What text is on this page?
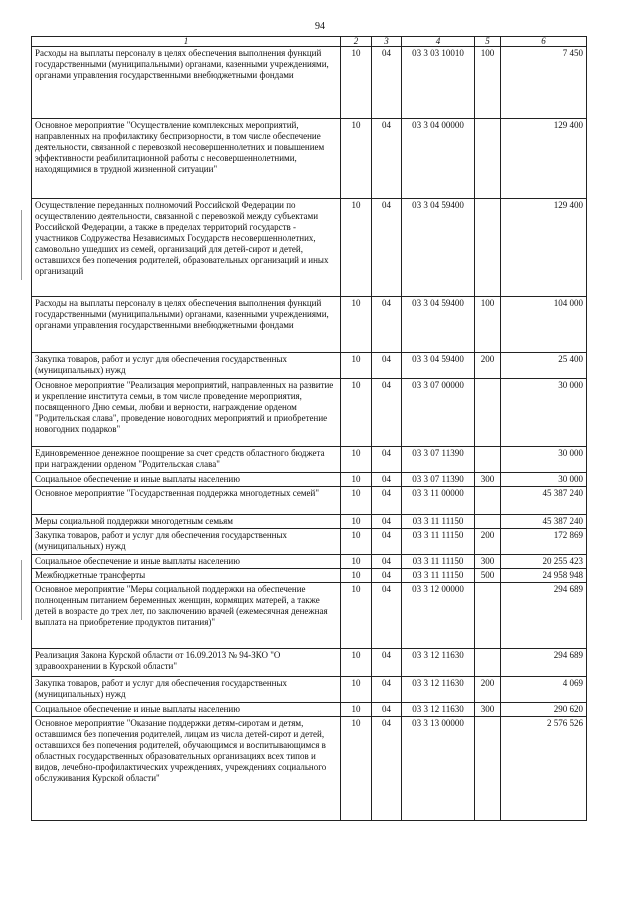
94
1	2	3	4	5	6
Расходы на выплаты персоналу в целях обеспечения выполнения функций государственными (муниципальными) органами, казенными учреждениями, органами управления государственными внебюджетными фондами	10	04	03 3 03 10010	100	7 450
Основное мероприятие "Осуществление комплексных мероприятий, направленных на профилактику беспризорности, в том числе обеспечение деятельности, связанной с перевозкой несовершеннолетних и повышением эффективности реабилитационной работы с несовершеннолетними, находящимися в трудной жизненной ситуации"	10	04	03 3 04 00000		129 400
Осуществление переданных полномочий Российской Федерации по осуществлению деятельности, связанной с перевозкой между субъектами Российской Федерации, а также в пределах территорий государств - участников Содружества Независимых Государств несовершеннолетних, самовольно ушедших из семей, организаций для детей-сирот и детей, оставшихся без попечения родителей, образовательных организаций и иных организаций	10	04	03 3 04 59400		129 400
Расходы на выплаты персоналу в целях обеспечения выполнения функций государственными (муниципальными) органами, казенными учреждениями, органами управления государственными внебюджетными фондами	10	04	03 3 04 59400	100	104 000
Закупка товаров, работ и услуг для обеспечения государственных (муниципальных) нужд	10	04	03 3 04 59400	200	25 400
Основное мероприятие "Реализация мероприятий, направленных на развитие и укрепление института семьи, в том числе проведение мероприятия, посвященного Дню семьи, любви и верности, награждение орденом "Родительская слава", проведение новогодних мероприятий и приобретение новогодних подарков"	10	04	03 3 07 00000		30 000
Единовременное денежное поощрение за счет средств областного бюджета при награждении орденом "Родительская слава"	10	04	03 3 07 11390		30 000
Социальное обеспечение и иные выплаты населению	10	04	03 3 07 11390	300	30 000
Основное мероприятие "Государственная поддержка многодетных семей"	10	04	03 3 11 00000		45 387 240
Меры социальной поддержки многодетным семьям	10	04	03 3 11 11150		45 387 240
Закупка товаров, работ и услуг для обеспечения государственных (муниципальных) нужд	10	04	03 3 11 11150	200	172 869
Социальное обеспечение и иные выплаты населению	10	04	03 3 11 11150	300	20 255 423
Межбюджетные трансферты	10	04	03 3 11 11150	500	24 958 948
Основное мероприятие "Меры социальной поддержки на обеспечение полноценным питанием беременных женщин, кормящих матерей, а также детей в возрасте до трех лет, по заключению врачей (ежемесячная денежная выплата на приобретение продуктов питания)"	10	04	03 3 12 00000		294 689
Реализация Закона Курской области от 16.09.2013 № 94-ЗКО "О здравоохранении в Курской области"	10	04	03 3 12 11630		294 689
Закупка товаров, работ и услуг для обеспечения государственных (муниципальных) нужд	10	04	03 3 12 11630	200	4 069
Социальное обеспечение и иные выплаты населению	10	04	03 3 12 11630	300	290 620
Основное мероприятие "Оказание поддержки детям-сиротам и детям, оставшимся без попечения родителей, лицам из числа детей-сирот и детей, оставшихся без попечения родителей, обучающимся и воспитывающимся в областных государственных образовательных организациях всех типов и видов, лечебно-профилактических учреждениях, учреждениях социального обслуживания Курской области"	10	04	03 3 13 00000		2 576 526
